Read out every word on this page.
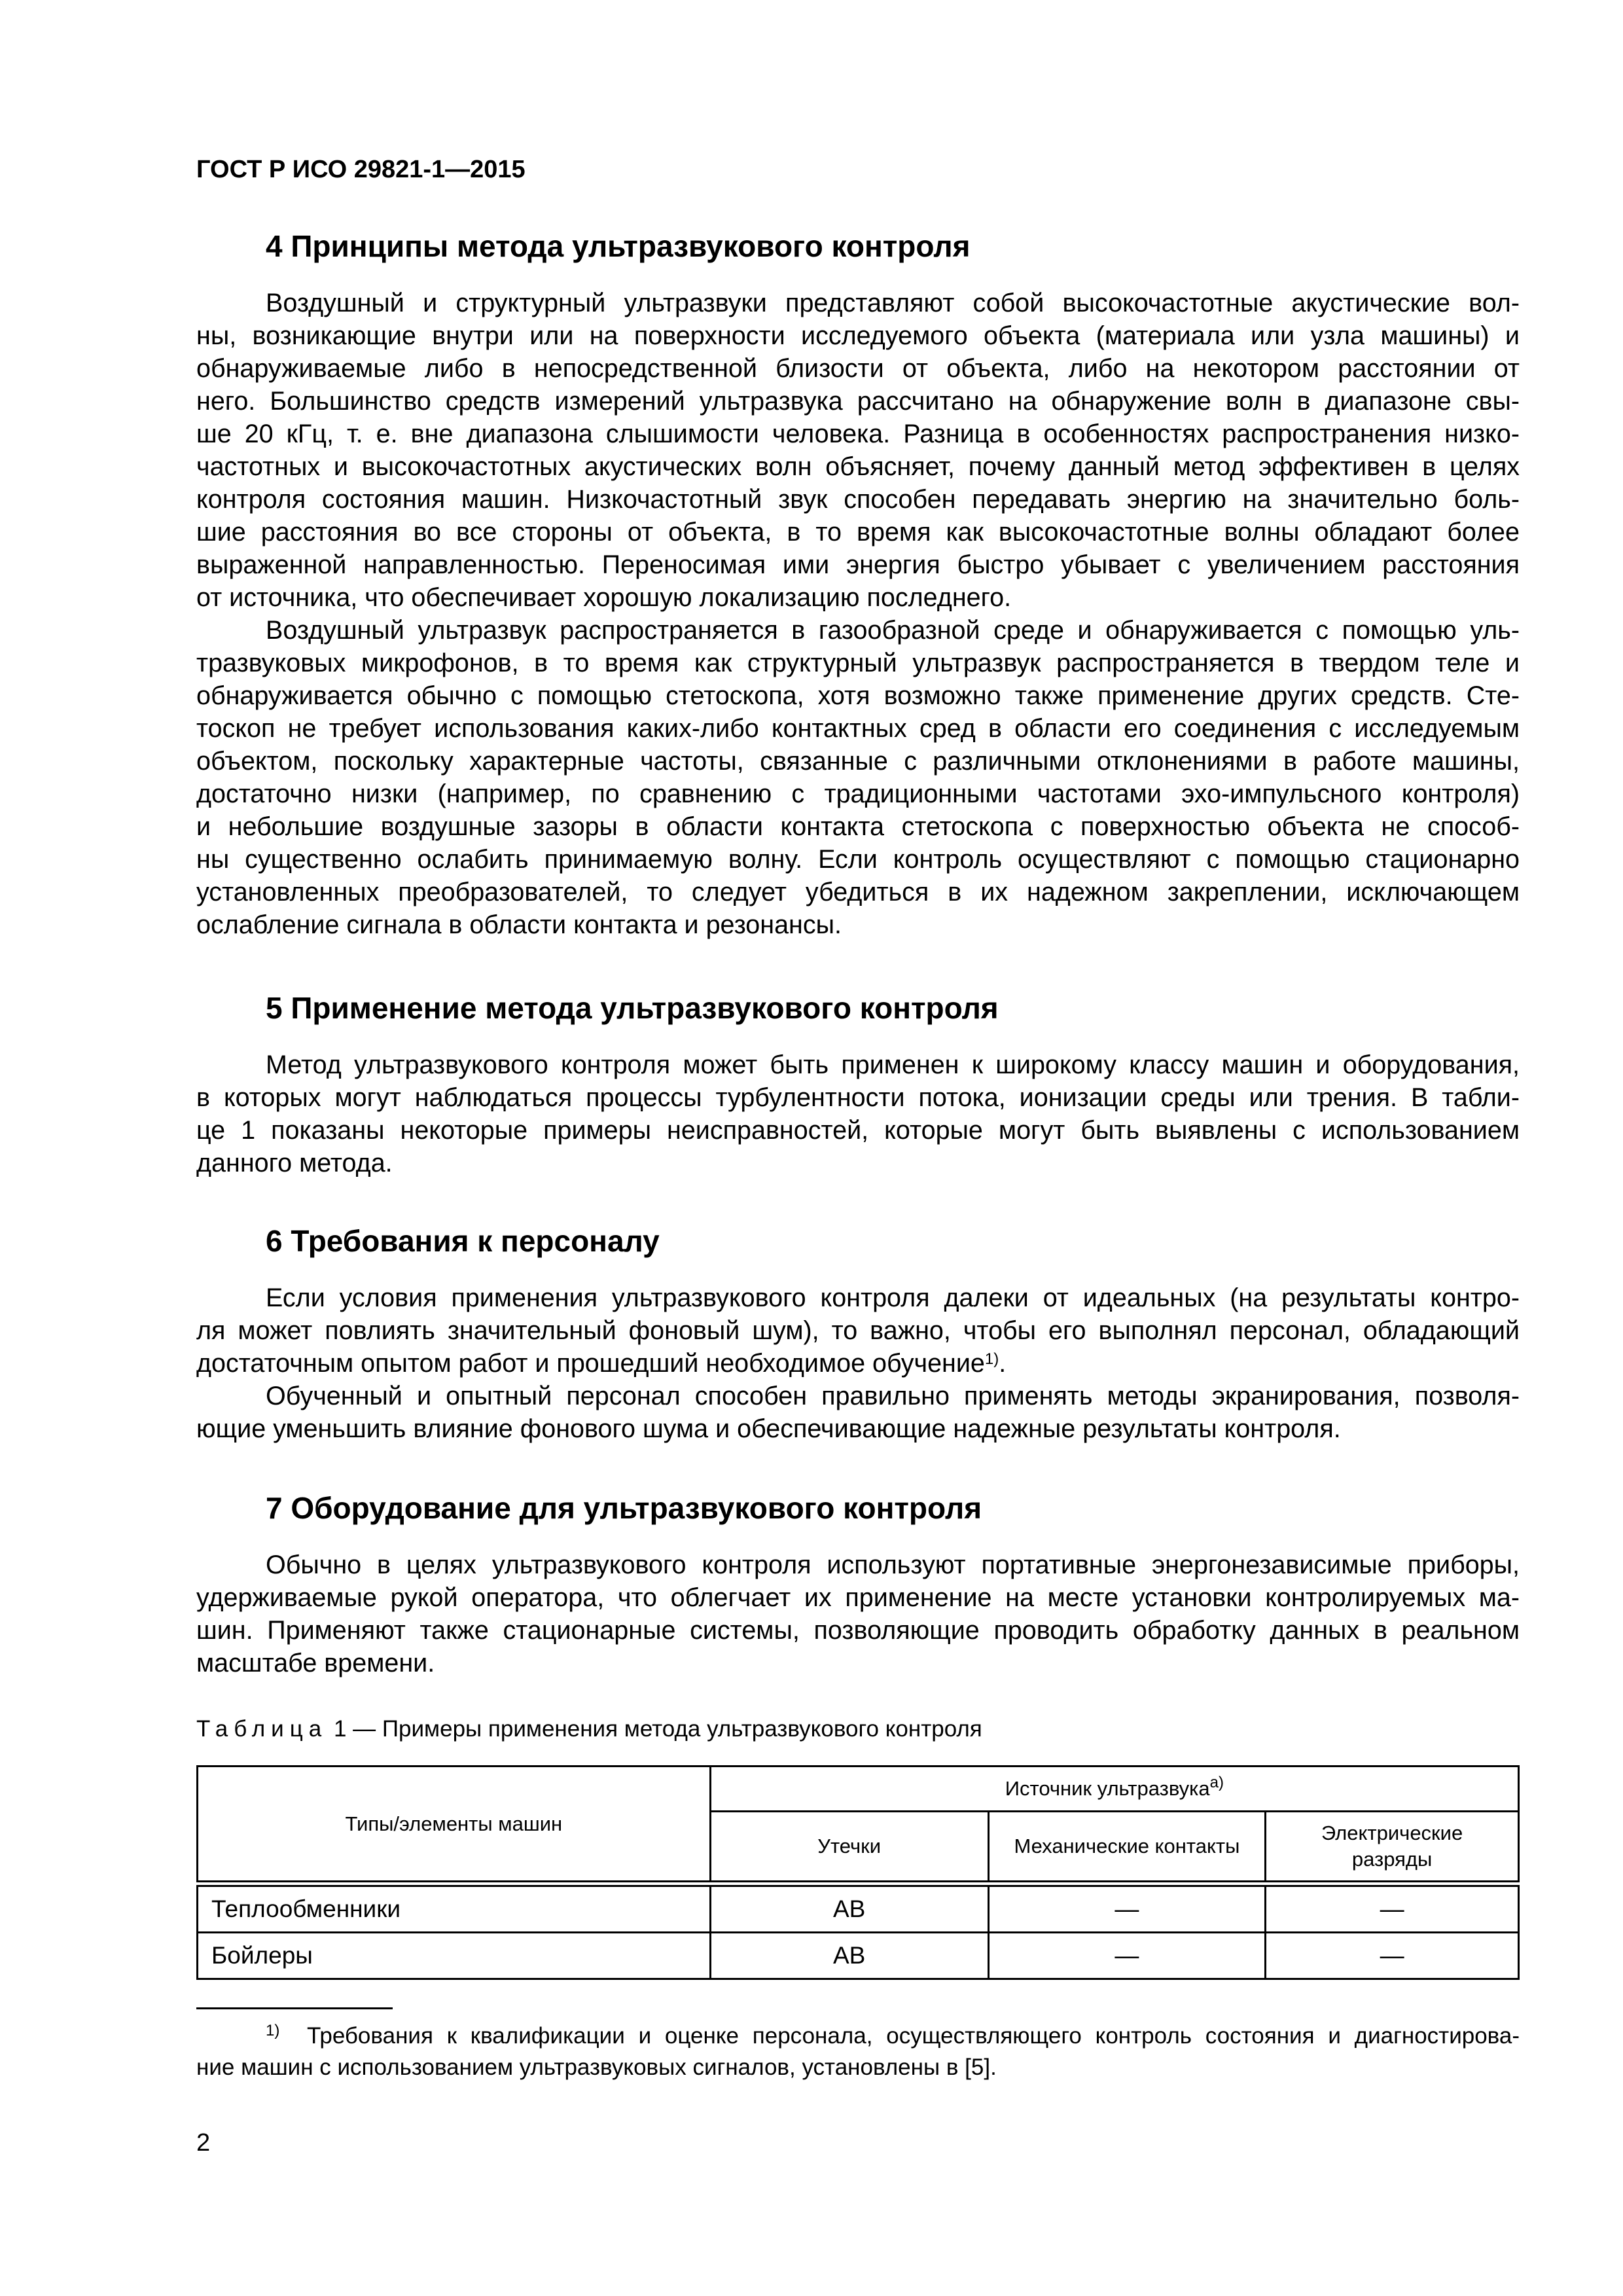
ГОСТ Р ИСО 29821-1—2015
4 Принципы метода ультразвукового контроля
Воздушный и структурный ультразвуки представляют собой высокочастотные акустические вол-
ны, возникающие внутри или на поверхности исследуемого объекта (материала или узла машины) и
обнаруживаемые либо в непосредственной близости от объекта, либо на некотором расстоянии от
него. Большинство средств измерений ультразвука рассчитано на обнаружение волн в диапазоне свы-
ше 20 кГц, т. е. вне диапазона слышимости человека. Разница в особенностях распространения низко-
частотных и высокочастотных акустических волн объясняет, почему данный метод эффективен в целях
контроля состояния машин. Низкочастотный звук способен передавать энергию на значительно боль-
шие расстояния во все стороны от объекта, в то время как высокочастотные волны обладают более
выраженной направленностью. Переносимая ими энергия быстро убывает с увеличением расстояния
от источника, что обеспечивает хорошую локализацию последнего.
Воздушный ультразвук распространяется в газообразной среде и обнаруживается с помощью уль-
тразвуковых микрофонов, в то время как структурный ультразвук распространяется в твердом теле и
обнаруживается обычно с помощью стетоскопа, хотя возможно также применение других средств. Сте-
тоскоп не требует использования каких-либо контактных сред в области его соединения с исследуемым
объектом, поскольку характерные частоты, связанные с различными отклонениями в работе машины,
достаточно низки (например, по сравнению с традиционными частотами эхо-импульсного контроля)
и небольшие воздушные зазоры в области контакта стетоскопа с поверхностью объекта не способ-
ны существенно ослабить принимаемую волну. Если контроль осуществляют с помощью стационарно
установленных преобразователей, то следует убедиться в их надежном закреплении, исключающем
ослабление сигнала в области контакта и резонансы.
5 Применение метода ультразвукового контроля
Метод ультразвукового контроля может быть применен к широкому классу машин и оборудования,
в которых могут наблюдаться процессы турбулентности потока, ионизации среды или трения. В табли-
це 1 показаны некоторые примеры неисправностей, которые могут быть выявлены с использованием
данного метода.
6 Требования к персоналу
Если условия применения ультразвукового контроля далеки от идеальных (на результаты контро-
ля может повлиять значительный фоновый шум), то важно, чтобы его выполнял персонал, обладающий
достаточным опытом работ и прошедший необходимое обучение$^{1)}$.
Обученный и опытный персонал способен правильно применять методы экранирования, позволя-
ющие уменьшить влияние фонового шума и обеспечивающие надежные результаты контроля.
7 Оборудование для ультразвукового контроля
Обычно в целях ультразвукового контроля используют портативные энергонезависимые приборы,
удерживаемые рукой оператора, что облегчает их применение на месте установки контролируемых ма-
шин. Применяют также стационарные системы, позволяющие проводить обработку данных в реальном
масштабе времени.
Таблица 1 — Примеры применения метода ультразвукового контроля
Типы/элементы машин	Источник ультразвука$^{a)}$
	Утечки	Механические контакты	Электрические разряды
Теплообменники	AB	—	—
Бойлеры	AB	—	—
$^{1)}$ Требования к квалификации и оценке персонала, осуществляющего контроль состояния и диагностирова-
ние машин с использованием ультразвуковых сигналов, установлены в [5].
2
